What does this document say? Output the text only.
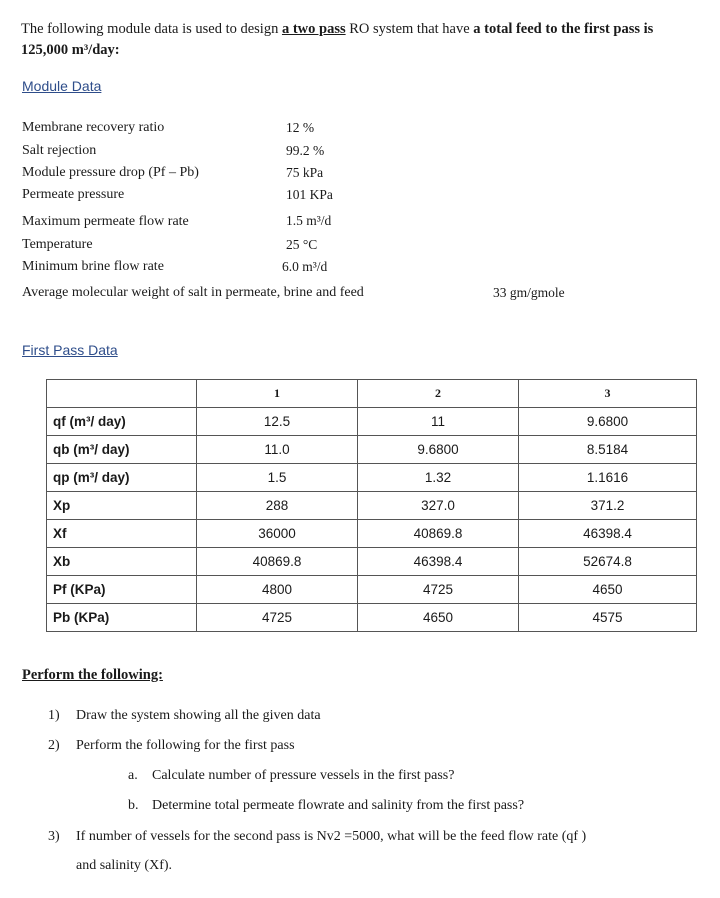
The following module data is used to design a two pass RO system that have a total feed to the first pass is 125,000 m³/day:
Module Data
Membrane recovery ratio	12 %
Salt rejection	99.2 %
Module pressure drop (Pf – Pb)	75 kPa
Permeate pressure	101 KPa
Maximum permeate flow rate	1.5 m³/d
Temperature	25 °C
Minimum brine flow rate	6.0 m³/d
Average molecular weight of salt in permeate, brine and feed	33 gm/gmole
First Pass Data
	1	2	3
qf (m³/ day)	12.5	11	9.6800
qb (m³/ day)	11.0	9.6800	8.5184
qp (m³/ day)	1.5	1.32	1.1616
Xp	288	327.0	371.2
Xf	36000	40869.8	46398.4
Xb	40869.8	46398.4	52674.8
Pf (KPa)	4800	4725	4650
Pb (KPa)	4725	4650	4575
Perform the following:
1) Draw the system showing all the given data
2) Perform the following for the first pass
a. Calculate number of pressure vessels in the first pass?
b. Determine total permeate flowrate and salinity from the first pass?
3) If number of vessels for the second pass is Nv2 =5000, what will be the feed flow rate (qf )
and salinity (Xf).
